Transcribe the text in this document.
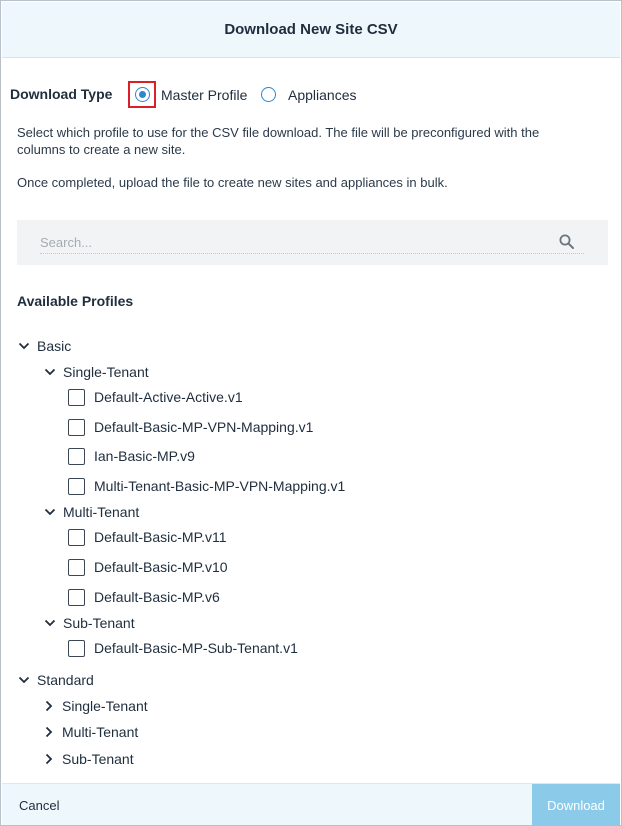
Download New Site CSV
Download Type	Master Profile	Appliances

Select which profile to use for the CSV file download. The file will be preconfigured with the

columns to create a new site.

Once completed, upload the file to create new sites and appliances in bulk.

Search...
Available Profiles
Basic
Single-Tenant
Default-Active-Active.v1
Default-Basic-MP-VPN-Mapping.v1
Ian-Basic-MP.v9
Multi-Tenant-Basic-MP-VPN-Mapping.v1
Multi-Tenant
Default-Basic-MP.v11
Default-Basic-MP.v10
Default-Basic-MP.v6
Sub-Tenant
Default-Basic-MP-Sub-Tenant.v1
Standard
Single-Tenant
Multi-Tenant
Sub-Tenant
Cancel	Download
